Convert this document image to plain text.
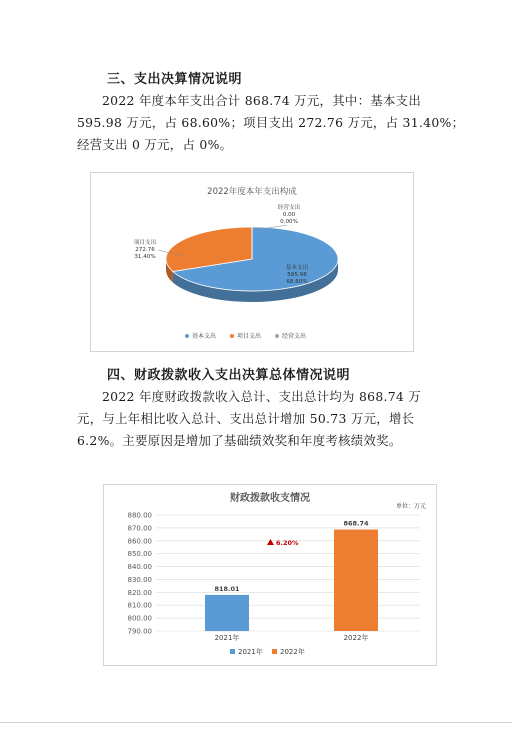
三、支出决算情况说明
2022 年度本年支出合计 868.74 万元，其中：基本支出
595.98 万元，占 68.60%；项目支出 272.76 万元，占 31.40%；
经营支出 0 万元，占 0%。
2022年度本年支出构成
基本支出
595.98
68.60%
项目支出
272.76
31.40%
经营支出
0.00
0.00%
基本支出	项目支出	经营支出
四、财政拨款收入支出决算总体情况说明
2022 年度财政拨款收入总计、支出总计均为 868.74 万
元，与上年相比收入总计、支出总计增加 50.73 万元，增长
6.2%。主要原因是增加了基础绩效奖和年度考核绩效奖。
财政拨款收支情况
单位：万元
790.00
800.00
810.00
820.00
830.00
840.00
850.00
860.00
870.00
880.00
818.01
2021年
868.74
2022年
6.20%
2021年 2022年
